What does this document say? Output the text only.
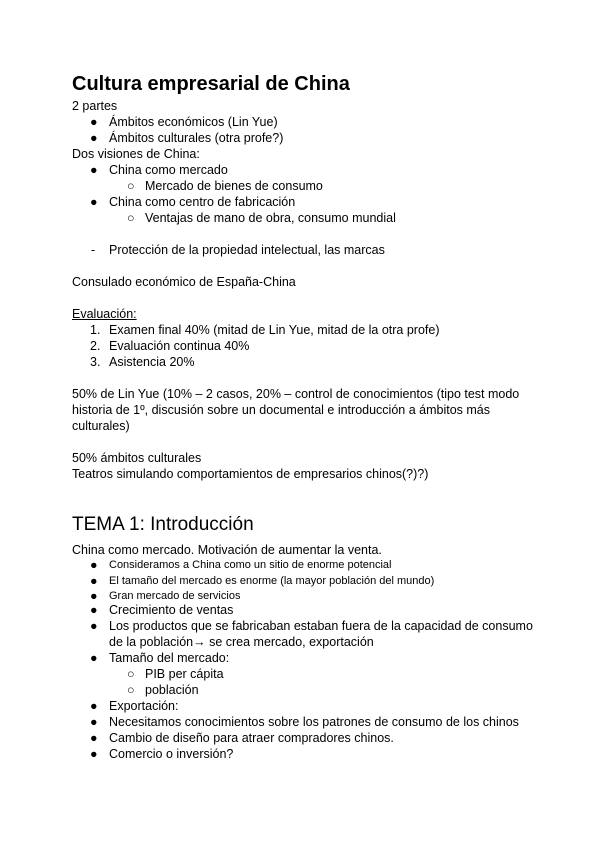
Cultura empresarial de China
2 partes
● Ámbitos económicos (Lin Yue)
● Ámbitos culturales (otra profe?)
Dos visiones de China:
● China como mercado
○ Mercado de bienes de consumo
● China como centro de fabricación
○ Ventajas de mano de obra, consumo mundial
- Protección de la propiedad intelectual, las marcas
Consulado económico de España-China
Evaluación:
1. Examen final 40% (mitad de Lin Yue, mitad de la otra profe)
2. Evaluación continua 40%
3. Asistencia 20%
50% de Lin Yue (10% – 2 casos, 20% – control de conocimientos (tipo test modo
historia de 1º, discusión sobre un documental e introducción a ámbitos más
culturales)
50% ámbitos culturales
Teatros simulando comportamientos de empresarios chinos(?)?)
TEMA 1: Introducción
China como mercado. Motivación de aumentar la venta.
● Consideramos a China como un sitio de enorme potencial
● El tamaño del mercado es enorme (la mayor población del mundo)
● Gran mercado de servicios
● Crecimiento de ventas
● Los productos que se fabricaban estaban fuera de la capacidad de consumo
de la población→ se crea mercado, exportación
● Tamaño del mercado:
○ PIB per cápita
○ población
● Exportación:
● Necesitamos conocimientos sobre los patrones de consumo de los chinos
● Cambio de diseño para atraer compradores chinos.
● Comercio o inversión?
